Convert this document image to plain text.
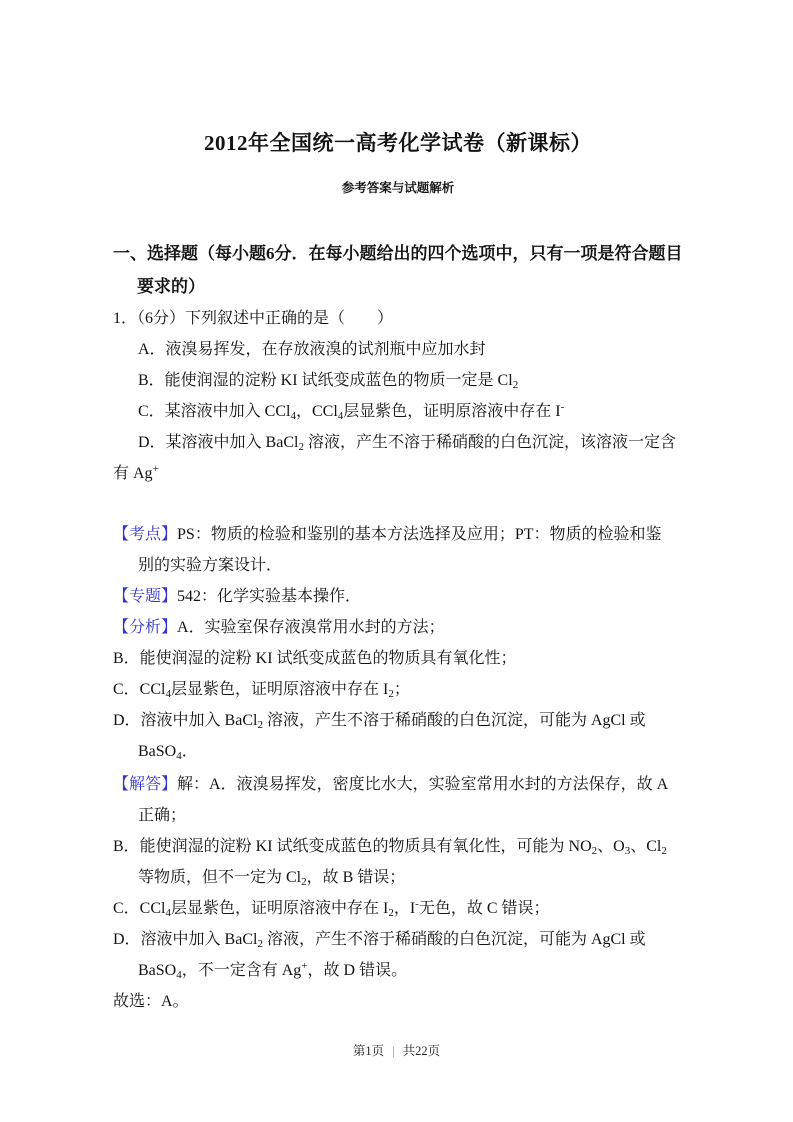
2012年全国统一高考化学试卷（新课标）
参考答案与试题解析
一、选择题（每小题6分．在每小题给出的四个选项中，只有一项是符合题目
要求的）
1．（6分）下列叙述中正确的是（　　）
A．液溴易挥发，在存放液溴的试剂瓶中应加水封
B．能使润湿的淀粉 KI 试纸变成蓝色的物质一定是 $Cl_2$
C．某溶液中加入 CCl$_4$，CCl$_4$层显紫色，证明原溶液中存在 I-
D．某溶液中加入 BaCl$_2$ 溶液，产生不溶于稀硝酸的白色沉淀，该溶液一定含
有 Ag+
【考点】PS：物质的检验和鉴别的基本方法选择及应用；PT：物质的检验和鉴
别的实验方案设计．
【专题】542：化学实验基本操作．
【分析】A．实验室保存液溴常用水封的方法；
B．能使润湿的淀粉 KI 试纸变成蓝色的物质具有氧化性；
C．CCl$_4$层显紫色，证明原溶液中存在 $I_2$；
D．溶液中加入 BaCl$_2$ 溶液，产生不溶于稀硝酸的白色沉淀，可能为 AgCl 或
BaSO$_4$．
【解答】解：A．液溴易挥发，密度比水大，实验室常用水封的方法保存，故 A
正确；
B．能使润湿的淀粉 KI 试纸变成蓝色的物质具有氧化性，可能为 $NO_2$、$O_3$、$Cl_2$
等物质，但不一定为 $Cl_2$，故 B 错误；
C．CCl$_4$层显紫色，证明原溶液中存在 $I_2$，I-无色，故 C 错误；
D．溶液中加入 BaCl$_2$ 溶液，产生不溶于稀硝酸的白色沉淀，可能为 AgCl 或
BaSO$_4$，不一定含有 Ag+，故 D 错误。
故选：A。
第1页 | 共22页
